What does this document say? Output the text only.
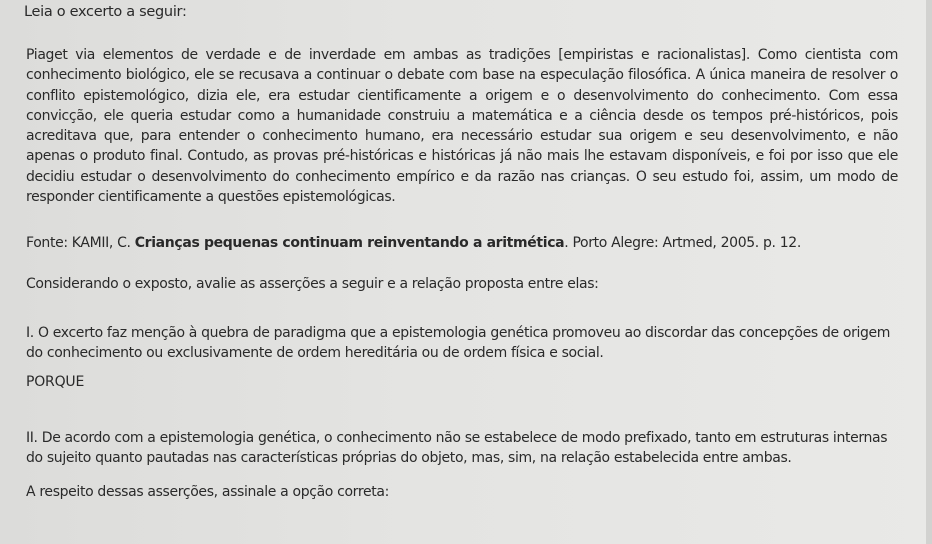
Leia o excerto a seguir:
Piaget via elementos de verdade e de inverdade em ambas as tradições [empiristas e racionalistas]. Como cientista com conhecimento biológico, ele se recusava a continuar o debate com base na especulação filosófica. A única maneira de resolver o conflito epistemológico, dizia ele, era estudar cientificamente a origem e o desenvolvimento do conhecimento. Com essa convicção, ele queria estudar como a humanidade construiu a matemática e a ciência desde os tempos pré-históricos, pois acreditava que, para entender o conhecimento humano, era necessário estudar sua origem e seu desenvolvimento, e não apenas o produto final. Contudo, as provas pré-históricas e históricas já não mais lhe estavam disponíveis, e foi por isso que ele decidiu estudar o desenvolvimento do conhecimento empírico e da razão nas crianças. O seu estudo foi, assim, um modo de responder cientificamente a questões epistemológicas.
Fonte: KAMII, C. Crianças pequenas continuam reinventando a aritmética. Porto Alegre: Artmed, 2005. p. 12.
Considerando o exposto, avalie as asserções a seguir e a relação proposta entre elas:
I. O excerto faz menção à quebra de paradigma que a epistemologia genética promoveu ao discordar das concepções de origem do conhecimento ou exclusivamente de ordem hereditária ou de ordem física e social.
PORQUE
II. De acordo com a epistemologia genética, o conhecimento não se estabelece de modo prefixado, tanto em estruturas internas do sujeito quanto pautadas nas características próprias do objeto, mas, sim, na relação estabelecida entre ambas.
A respeito dessas asserções, assinale a opção correta:
